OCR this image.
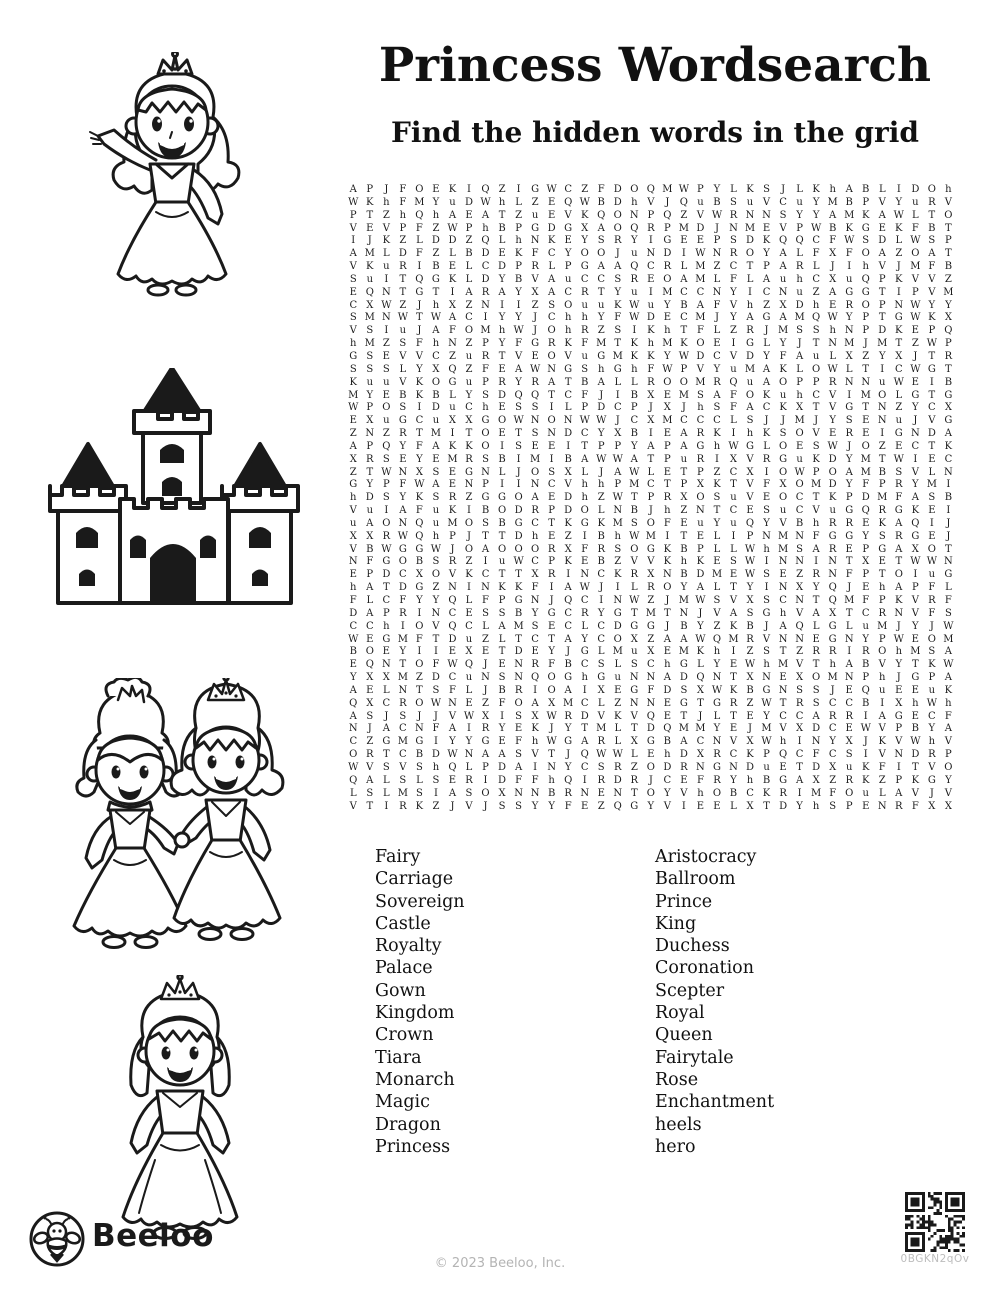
Princess Wordsearch
Find the hidden words in the grid
A P	J	F O E K	I	Q Z	I	G W C Z F D O Q M W P Y L K S	J	L K h A B L	I	D O h
W K h F M Y	u D W h L Z E Q W B D h V	J	Q u B S u V C u	Y M B P V Y	u R V
P T Z h Q h A E A T Z u E V K Q O N P Q Z V W R N N S Y Y A M K A W L T O
V E V P F Z W P h B P G D G X A O Q R P M D	J	N M E V P W B K G E K F B T
I	J	K Z L D D Z Q L h N K E Y S R Y	I	G E E P S D K Q Q C F W S D L W S P
A M L D F Z L B D E K F C Y O O	J	u N D	I W N R O Y A L F X F O A Z O A T
V K u R	I	B E L C D P R L P G A A Q C R L M Z C T P A R L	J	I	h V	J M F B
S u	I	T Q G K L D Y B V A u C C S R E O A M L F L A u	h C X u Q P K V V Z
E Q N T G T	I	A R A Y X A C R T Y	u	I M C C N Y	I	C N u Z A G G T	I	P V M
C X W Z	J	h X Z N	I	I	Z S O u	u K W u	Y B A F V h Z X D h E R O P N W Y Y
S M N W T W A C	I	Y Y	J	C h	h	Y F W D E C M J	Y A G A M Q W Y P T G W K X
V S	I	u	J	A F O M h W J	O h R Z S	I	K h T F L Z R	J M S S h N P D K E P Q
h M Z S F h N Z P Y F G R K F M T K h M K O E	I	G L Y	J	T N M J M T Z W P
G S E V V C Z u R T V E O V u G M K K Y W D C V D Y F A u L X Z Y X	J	T R
S S S L Y X Q Z F E A W N G S h G h F W P V Y	u M A K L O W L T	I	C W G T
K u	u V K O G u P R Y R A T B A L L R O O M R Q u A O P P R N N u W E	I	B
M Y E B K B L Y S D Q Q T C F	J	I	B X E M S A F O K u	h C V	I M O L G T G
W P O S	I	D u C h E S S	I	L P D C P	J	X	J	h S F A C K X T V G T N Z Y C X
E X u G C u X X G O W N O N W W J	C X M C C C L S	J	J M J	Y S E N u	J	V G
Z N Z R T M I	T O E T S N D C Y X B	I	E A R K	I	h K S O V E R E	I	G N D A
A P Q Y F A K K O	I	S E E	I	T P P Y A P A G h W G L O E S W J	O Z E C T K
X R S E Y E M R S B	I M I	B A W W A T P u R	I	X V R G u K D Y M T W I	E C
Z T W N X S E G N L	J	O S X L	J	A W L E T P Z C X	I	O W P O A M B S V L N
G Y P F W A E N P	I	I	N C V h	h P M C T P X K T V F X O M D Y F P R Y M I
h D S Y K S R Z G G O A E D h Z W T P R X O S u V E O C T K P D M F A S B
V u	I	A F u K	I	B O D R P D O L N B	J	h Z N T C E S u C V u G Q R G K E	I
u A O N Q u M O S B G C T K G K M S O F E u	Y	u Q Y V B h R R E K A Q	I	J
X X R W Q h P	J	T T D h E Z	I	B h W M I	T E L	I	P N M N F G G Y S R G E	J
V B W G G W J	O A O O O R X F R S O G K B P L L W h M S A R E P G A X O T
N F G O B S R Z	I	u W C P K E B Z V V K h K E S W I	N N	I	N T X E T W W N
E P D C X O V K C T T X R	I	N C K R X N B D M E W S E Z R N F P T O	I	u G
h A T D G Z N	I	N K K F	I	A W J	I	L R O Y A L T Y	I	N X Y Q	J	E h A P F L
F L C F Y Y Q L F P G N	J	Q C	I	N W Z	J M W S V X S C N T Q M F P K V R F
D A P R	I	N C E S S B Y G C R Y G T M T N	J	V A S G h V A X T C R N V F S
C C h	I	O V Q C L A M S E C L C D G G	J	B Y Z K B	J	A Q L G L u M J	Y	J W
W E G M F T D u Z L T C T A Y C O X Z A A W Q M R V N N E G N Y P W E O M
B O E Y	I	I	E X E T D E Y	J	G L M u X E M K h	I	Z S T Z R R	I	R O h M S A
E Q N T O F W Q	J	E N R F B C S L S C h G L Y E W h M V T h A B V Y T K W
Y X X M Z D C u N S N Q O G h G u N N A D Q N T X N E X O M N P h	J	G P A
A E L N T S F L	J	B R	I	O A	I	X E G F D S X W K B G N S S	J	E Q u E E u K
Q X C R O W N E Z F O A X M C L Z N N E G T G R Z W T R S C C B	I	X h W h
A S	J	S	J	J	V W X	I	S X W R D V K V Q E T	J	L T E Y C C A R R	I	A G E C F
N	J	A C N F A	I	R Y E K	J	Y T M L T D Q M M Y E	J M V X D C E W V P B Y A
C Z G M G	I	Y Y G E F h W G A R L X G B A C N V X W h	I	N Y X	J	K V W h V
O R T C B D W N A A S V T	J	Q W W L E h D X R C K P Q C F C S	I	V N D R P
W V S V S h Q L P D A	I	N Y C S R Z O D R N G N D u E T D X u K F	I	T V O
Q A L S L S E R	I	D F F h Q	I	R D R	J	C E F R Y	h B G A X Z R K Z P K G Y
L S L M S	I	A S O X N N B R N E N T O Y V h O B C K R	I M F O u L A V	J	V
V T	I	R K Z	J	V	J	S S Y Y F E Z Q G Y V	I	E E L X T D Y	h S P E N R F X X
Fairy
Carriage
Sovereign
Castle
Royalty
Palace
Gown
Kingdom
Crown
Tiara
Monarch
Magic
Dragon
Princess
Aristocracy
Ballroom
Prince
King
Duchess
Coronation
Scepter
Royal
Queen
Fairytale
Rose
Enchantment
heels
hero
Beeloo
© 2023 Beeloo, Inc.	0BGKN2qOv
